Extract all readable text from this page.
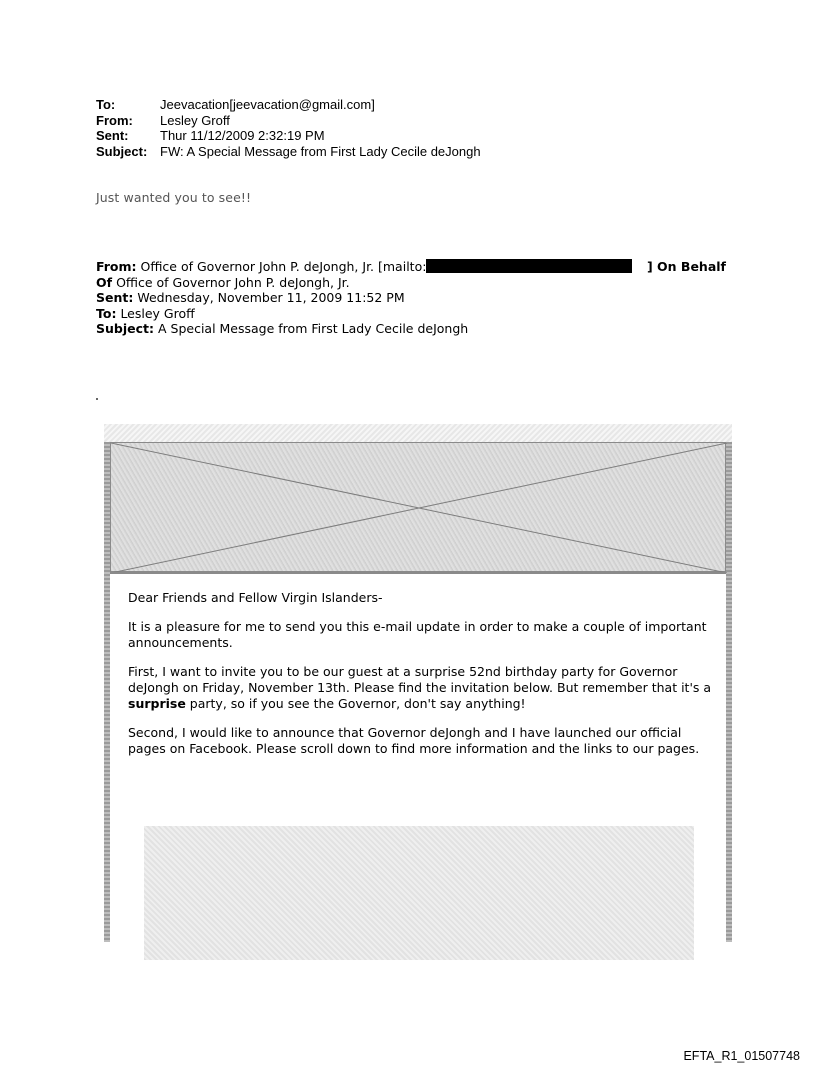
To:	Jeevacation[jeevacation@gmail.com]
From:	Lesley Groff
Sent:	Thur 11/12/2009 2:32:19 PM
Subject: FW: A Special Message from First Lady Cecile deJongh
Just wanted you to see!!
From: Office of Governor John P. deJongh, Jr. [mailto:	] On Behalf
Of Office of Governor John P. deJongh, Jr.
Sent: Wednesday, November 11, 2009 11:52 PM
To: Lesley Groff
Subject: A Special Message from First Lady Cecile deJongh

Dear Friends and Fellow Virgin Islanders-

It is a pleasure for me to send you this e-mail update in order to make a couple of important announcements.

First, I want to invite you to be our guest at a surprise 52nd birthday party for Governor deJongh on Friday, November 13th. Please find the invitation below. But remember that it's a surprise party, so if you see the Governor, don't say anything!

Second, I would like to announce that Governor deJongh and I have launched our official pages on Facebook. Please scroll down to find more information and the links to our pages.

EFTA_R1_01507748
